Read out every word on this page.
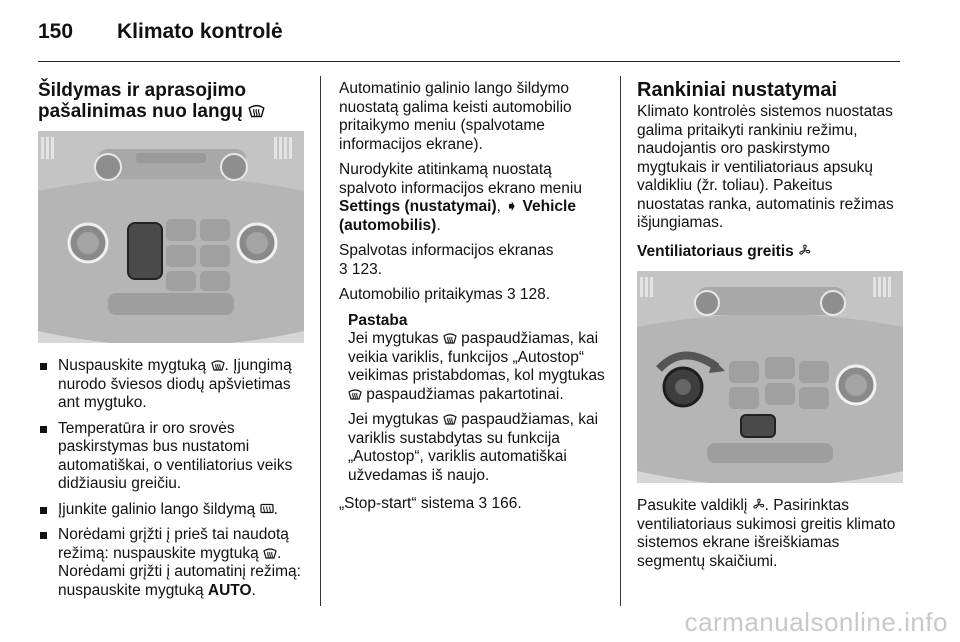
150 Klimato kontrolė
Šildymas ir aprasojimo
pašalinimas nuo langų
Nuspauskite mygtuką . Įjungimą nurodo šviesos diodų apšvietimas ant mygtuko.
Temperatūra ir oro srovės paskirstymas bus nustatomi automatiškai, o ventiliatorius veiks didžiausiu greičiu.
Įjunkite galinio lango šildymą .
Norėdami grįžti į prieš tai naudotą režimą: nuspauskite mygtuką . Norėdami grįžti į automatinį režimą: nuspauskite mygtuką AUTO.

Automatinio galinio lango šildymo nuostatą galima keisti automobilio pritaikymo meniu (spalvotame informacijos ekrane).

Nurodykite atitinkamą nuostatą spalvoto informacijos ekrano meniu Settings (nustatymai), ➧ Vehicle (automobilis).

Spalvotas informacijos ekranas
3 123.

Automobilio pritaikymas 3 128.

Pastaba

Jei mygtukas  paspaudžiamas, kai veikia variklis, funkcijos „Autostop“ veikimas pristabdomas, kol mygtukas  paspaudžiamas pakartotinai.

Jei mygtukas  paspaudžiamas, kai variklis sustabdytas su funkcija „Autostop“, variklis automatiškai užvedamas iš naujo.

„Stop-start“ sistema 3 166.

Rankiniai nustatymai

Klimato kontrolės sistemos nuostatas galima pritaikyti rankiniu režimu, naudojantis oro paskirstymo mygtukais ir ventiliatoriaus apsukų valdikliu (žr. toliau). Pakeitus nuostatas ranka, automatinis režimas išjungiamas.

Ventiliatoriaus greitis

Pasukite valdiklį . Pasirinktas ventiliatoriaus sukimosi greitis klimato sistemos ekrane išreiškiamas segmentų skaičiumi.

carmanualsonline.info
